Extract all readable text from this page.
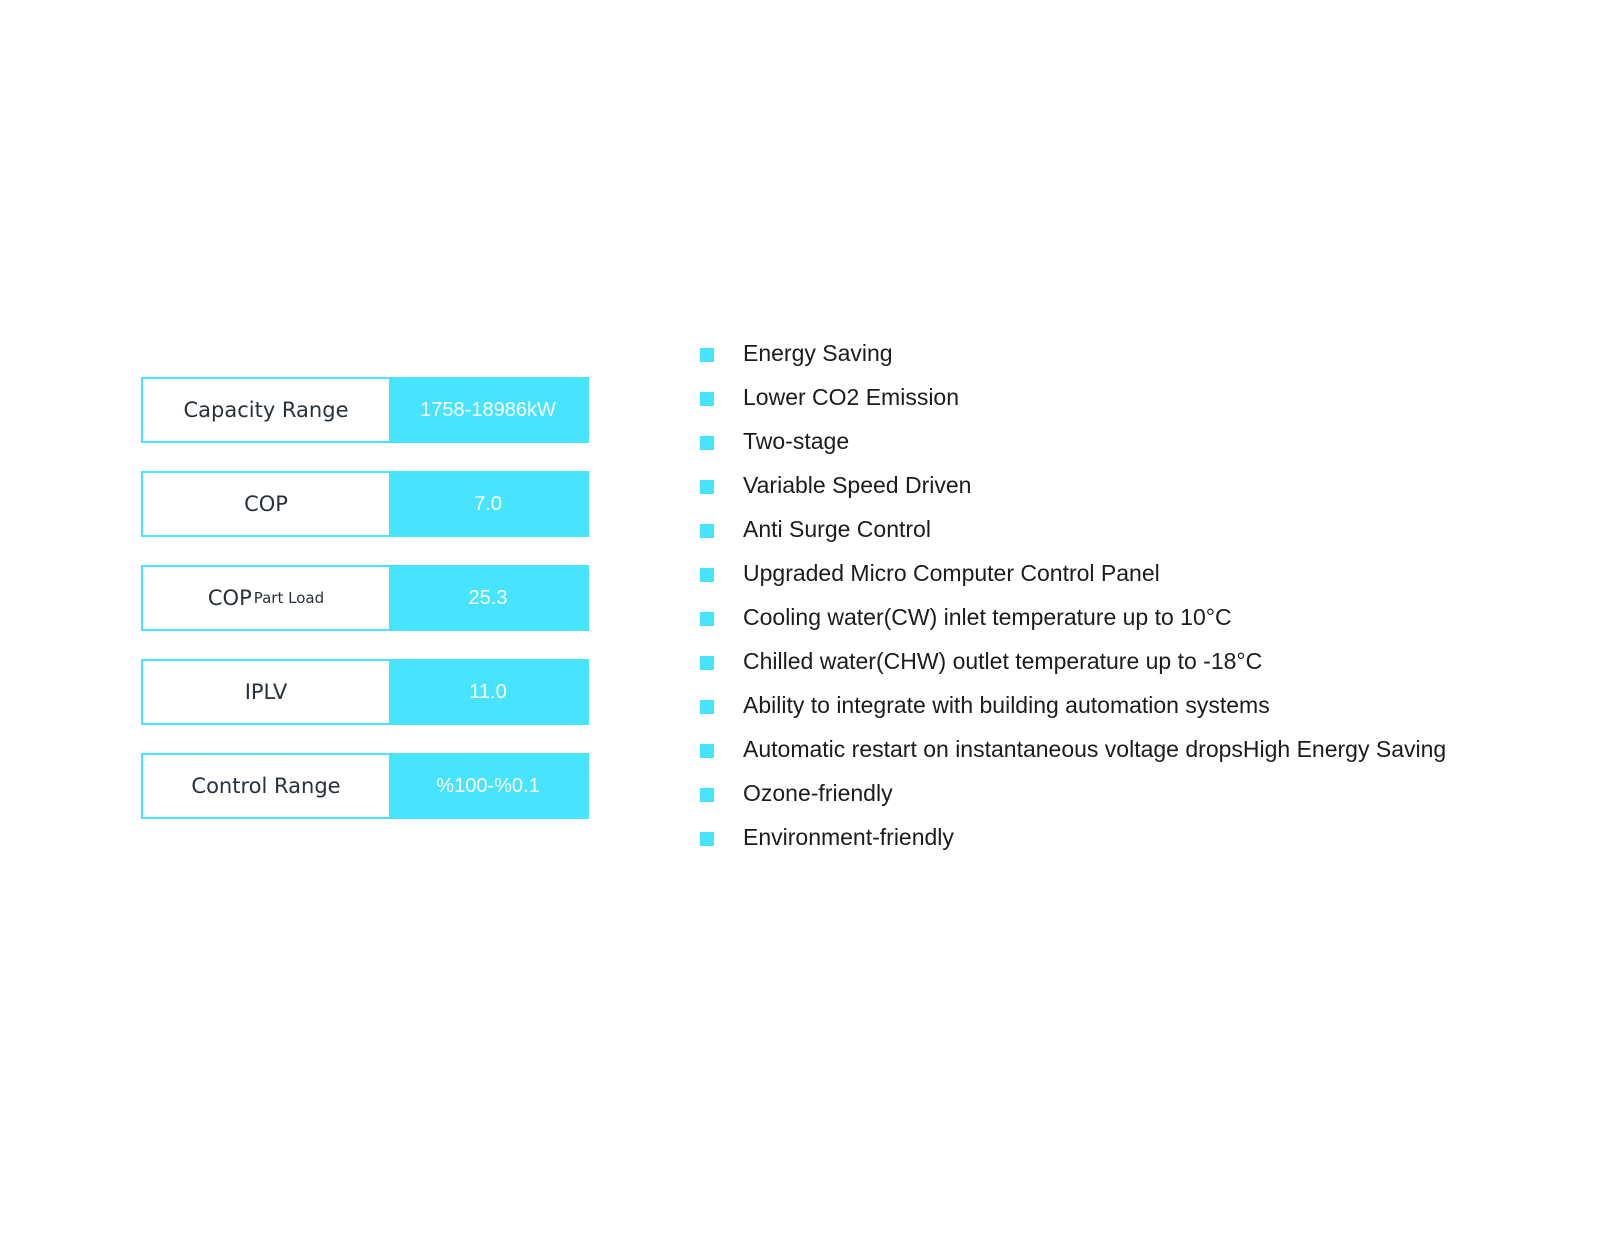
Capacity Range	1758-18986kW
COP	7.0
COP Part Load	25.3
IPLV	11.0
Control Range	%100-%0.1
Energy Saving
Lower CO2 Emission
Two-stage
Variable Speed Driven
Anti Surge Control
Upgraded Micro Computer Control Panel
Cooling water(CW) inlet temperature up to 10°C
Chilled water(CHW) outlet temperature up to -18°C
Ability to integrate with building automation systems
Automatic restart on instantaneous voltage dropsHigh Energy Saving
Ozone-friendly
Environment-friendly
